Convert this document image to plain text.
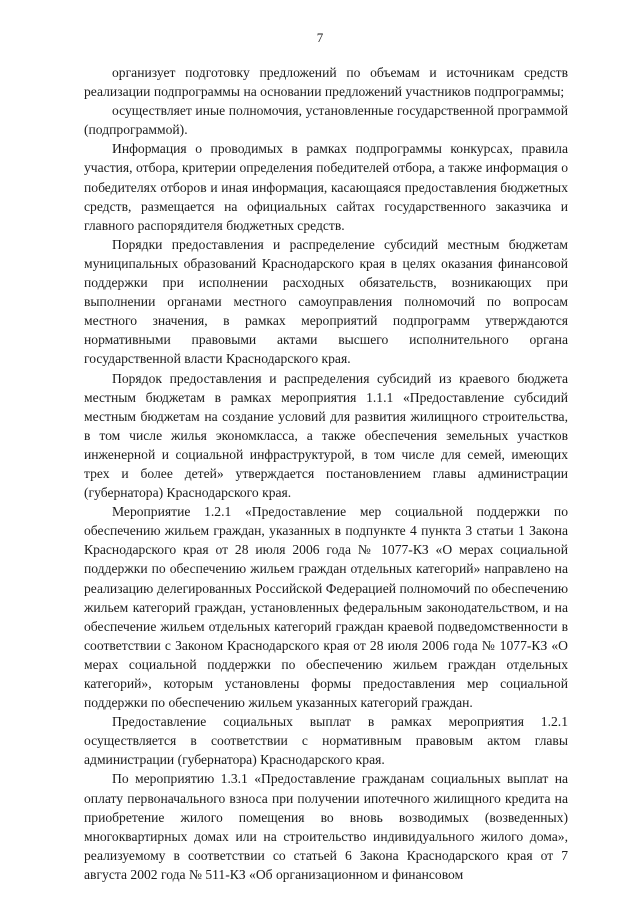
7

организует подготовку предложений по объемам и источникам средств реализации подпрограммы на основании предложений участников подпрограммы;

осуществляет иные полномочия, установленные государственной программой (подпрограммой).

Информация о проводимых в рамках подпрограммы конкурсах, правила участия, отбора, критерии определения победителей отбора, а также информация о победителях отборов и иная информация, касающаяся предоставления бюджетных средств, размещается на официальных сайтах государственного заказчика и главного распорядителя бюджетных средств.

Порядки предоставления и распределение субсидий местным бюджетам муниципальных образований Краснодарского края в целях оказания финансовой поддержки при исполнении расходных обязательств, возникающих при выполнении органами местного самоуправления полномочий по вопросам местного значения, в рамках мероприятий подпрограмм утверждаются нормативными правовыми актами высшего исполнительного органа государственной власти Краснодарского края.

Порядок предоставления и распределения субсидий из краевого бюджета местным бюджетам в рамках мероприятия 1.1.1 «Предоставление субсидий местным бюджетам на создание условий для развития жилищного строительства, в том числе жилья экономкласса, а также обеспечения земельных участков инженерной и социальной инфраструктурой, в том числе для семей, имеющих трех и более детей» утверждается постановлением главы администрации (губернатора) Краснодарского края.

Мероприятие 1.2.1 «Предоставление мер социальной поддержки по обеспечению жильем граждан, указанных в подпункте 4 пункта 3 статьи 1 Закона Краснодарского края от 28 июля 2006 года № 1077-КЗ «О мерах социальной поддержки по обеспечению жильем граждан отдельных категорий» направлено на реализацию делегированных Российской Федерацией полномочий по обеспечению жильем категорий граждан, установленных федеральным законодательством, и на обеспечение жильем отдельных категорий граждан краевой подведомственности в соответствии с Законом Краснодарского края от 28 июля 2006 года № 1077-КЗ «О мерах социальной поддержки по обеспечению жильем граждан отдельных категорий», которым установлены формы предоставления мер социальной поддержки по обеспечению жильем указанных категорий граждан.

Предоставление социальных выплат в рамках мероприятия 1.2.1 осуществляется в соответствии с нормативным правовым актом главы администрации (губернатора) Краснодарского края.

По мероприятию 1.3.1 «Предоставление гражданам социальных выплат на оплату первоначального взноса при получении ипотечного жилищного кредита на приобретение жилого помещения во вновь возводимых (возведенных) многоквартирных домах или на строительство индивидуального жилого дома», реализуемому в соответствии со статьей 6 Закона Краснодарского края от 7 августа 2002 года № 511-КЗ «Об организационном и финансовом
